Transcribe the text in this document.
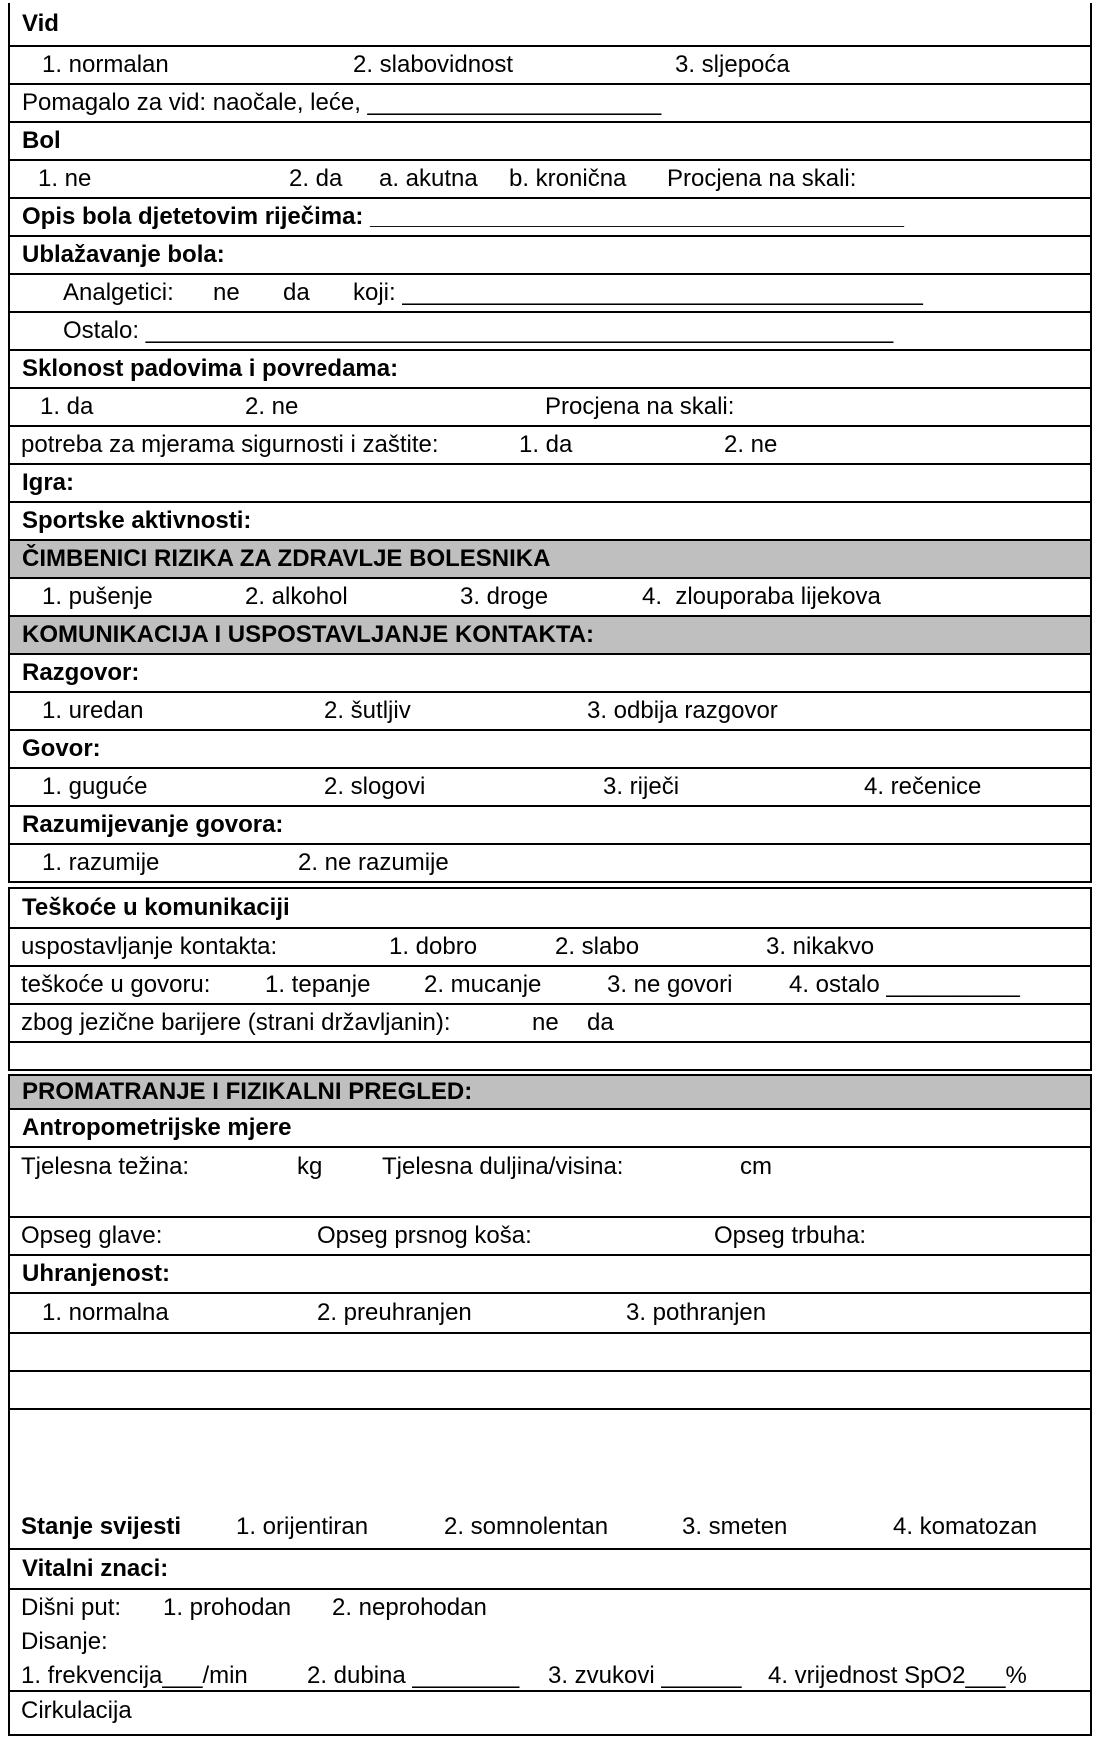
Vid
1. normalan	2. slabovidnost	3. sljepoća
Pomagalo za vid: naočale, leće, ______________________
Bol
1. ne	2. da a. akutna b. kronična Procjena na skali:
Opis bola djetetovim riječima: ________________________________________
Ublažavanje bola:
Analgetici: ne da koji: _______________________________________
Ostalo: ________________________________________________________
Sklonost padovima i povredama:
1. da	2. ne	Procjena na skali:
potreba za mjerama sigurnosti i zaštite:	1. da	2. ne
Igra:
Sportske aktivnosti:
ČIMBENICI RIZIKA ZA ZDRAVLJE BOLESNIKA
1. pušenje	2. alkohol	3. droge	4.  zlouporaba lijekova
KOMUNIKACIJA I USPOSTAVLJANJE KONTAKTA:
Razgovor:
1. uredan	2. šutljiv	3. odbija razgovor
Govor:
1. guguće	2. slogovi	3. riječi	4. rečenice
Razumijevanje govora:
1. razumije	2. ne razumije
Teškoće u komunikaciji
uspostavljanje kontakta:	1. dobro	2. slabo	3. nikakvo
teškoće u govoru: 1. tepanje 2. mucanje	3. ne govori 4. ostalo __________
zbog jezične barijere (strani državljanin):	ne da
PROMATRANJE I FIZIKALNI PREGLED:
Antropometrijske mjere
Tjelesna težina:	kg Tjelesna duljina/visina:	cm
Opseg glave:	Opseg prsnog koša:	Opseg trbuha:
Uhranjenost:
1. normalna	2. preuhranjen	3. pothranjen
Stanje svijesti 1. orijentiran	2. somnolentan	3. smeten	4. komatozan
Vitalni znaci:
Dišni put: 1. prohodan 2. neprohodan
Disanje:
1. frekvencija___/min 2. dubina ________ 3. zvukovi ______ 4. vrijednost SpO2___%
Cirkulacija
